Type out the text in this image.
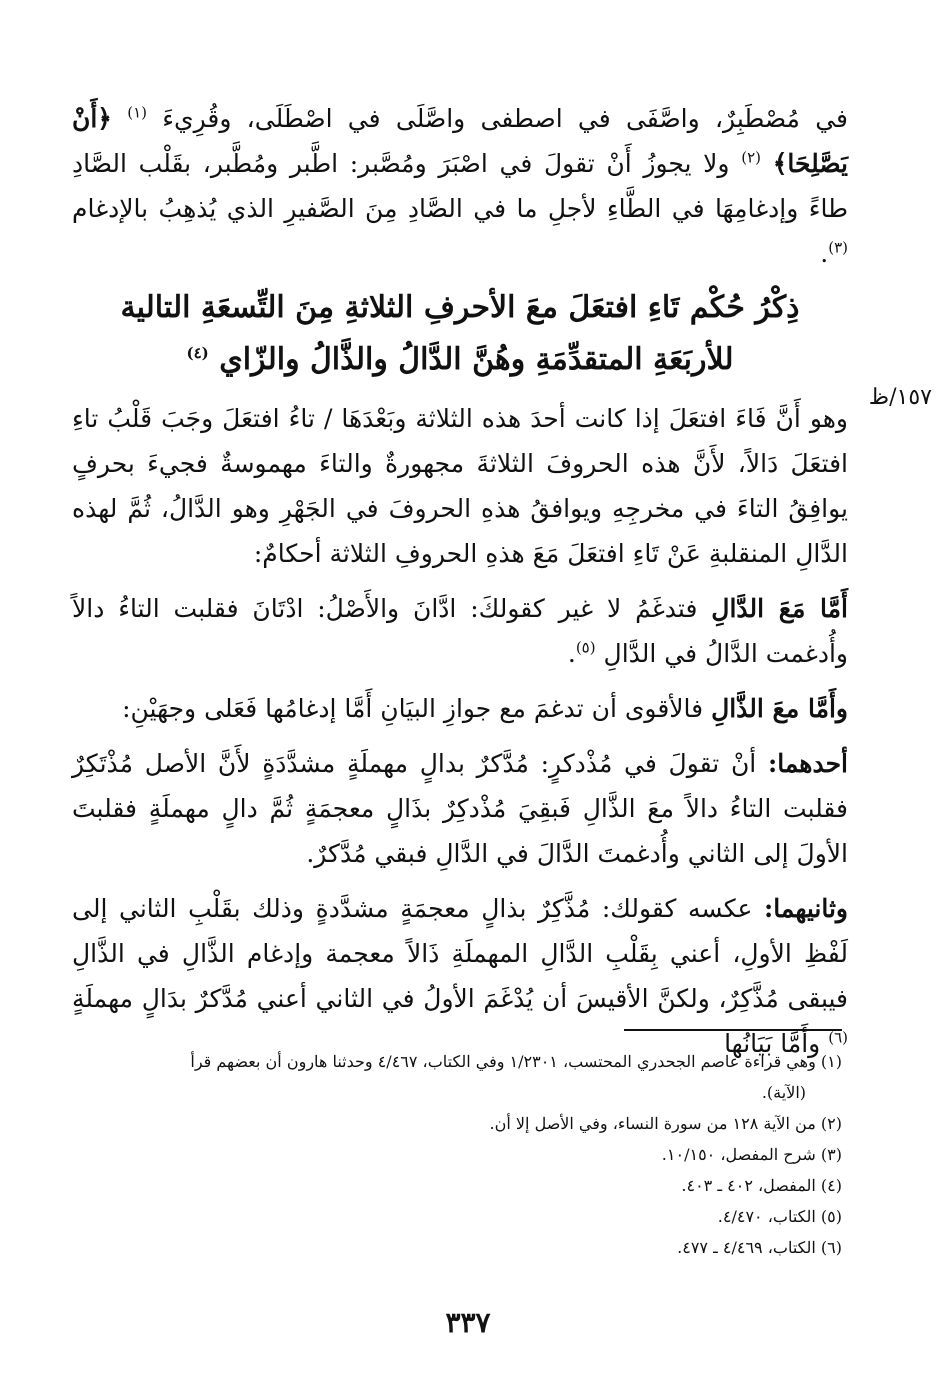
في مُصْطَبِرٌ، واصَّفَى في اصطفى واصَّلَى في اصْطَلَى، وقُرِيءَ $^{(١)}$ ﴿أَنْ يَصَّلِحَا﴾ $^{(٢)}$ ولا يجوزُ أَنْ تقولَ في اصْبَرَ ومُصَّبر: اطَّبر ومُطَّبر، بقَلْب الصَّادِ طاءً وإدغامِهَا في الطَّاءِ لأجلِ ما في الصَّادِ مِنَ الصَّفيرِ الذي يُذهِبُ بالإدغام $^{(٣)}$.

ذِكْرُ حُكْم تَاءِ افتعَلَ معَ الأحرفِ الثلاثةِ مِنَ التِّسعَةِ التالية
للأربَعَةِ المتقدِّمَةِ وهُنَّ الدَّالُ والذَّالُ والزّاي $^{(٤)}$

وهو أَنَّ فَاءَ افتعَلَ إذا كانت أحدَ هذه الثلاثة وبَعْدَهَا / تاءُ افتعَلَ وجَبَ قَلْبُ تاءِ افتعَلَ دَالاً، لأَنَّ هذه الحروفَ الثلاثةَ مجهورةٌ والتاءَ مهموسةٌ فجيءَ بحرفٍ يوافِقُ التاءَ في مخرجِهِ ويوافقُ هذهِ الحروفَ في الجَهْرِ وهو الدَّالُ، ثُمَّ لهذه الدَّالِ المنقلبةِ عَنْ تَاءِ افتعَلَ مَعَ هذهِ الحروفِ الثلاثة أحكامٌ:

أَمَّا مَعَ الدَّالِ فتدغَمُ لا غير كقولكَ: ادَّانَ والأَصْلُ: ادْتَانَ فقلبت التاءُ دالاً وأُدغمت الدَّالُ في الدَّالِ $^{(٥)}$.

وأَمَّا معَ الذَّالِ فالأقوى أن تدغمَ مع جوازِ البيَانِ أَمَّا إدغامُها فَعَلى وجهَيْنِ:

أحدهما: أنْ تقولَ في مُذْدكرٍ: مُدَّكرٌ بدالٍ مهملَةٍ مشدَّدَةٍ لأَنَّ الأصل مُذْتَكِرٌ فقلبت التاءُ دالاً معَ الذَّالِ فَبقِيَ مُذْدكِرٌ بذَالٍ معجمَةٍ ثُمَّ دالٍ مهملَةٍ فقلبتَ الأولَ إلى الثاني وأُدغمتَ الدَّالَ في الدَّالِ فبقي مُدَّكرٌ.

وثانيهما: عكسه كقولك: مُذَّكِرٌ بذالٍ معجمَةٍ مشدَّدةٍ وذلك بقَلْبِ الثاني إلى لَفْظِ الأولِ، أعني بِقَلْبِ الدَّالِ المهملَةِ ذَالاً معجمة وإدغام الذَّالِ في الذَّالِ فيبقى مُذَّكِرٌ، ولكنَّ الأقيسَ أن يُدْغَمَ الأولُ في الثاني أعني مُدَّكرٌ بدَالٍ مهملَةٍ $^{(٦)}$ وأَمَّا بَيَانُها

١٥٧/ظ
(١) وهي قراءة عاصم الجحدري المحتسب، ١/٢٣٠١ وفي الكتاب، ٤/٤٦٧ وحدثنا هارون أن بعضهم قرأ
(الآية).
(٢) من الآية ١٢٨ من سورة النساء، وفي الأصل إلا أن.
(٣) شرح المفصل، ١٠/١٥٠.
(٤) المفصل، ٤٠٢ ـ ٤٠٣.
(٥) الكتاب، ٤/٤٧٠.
(٦) الكتاب، ٤/٤٦٩ ـ ٤٧٧.
٣٣٧
